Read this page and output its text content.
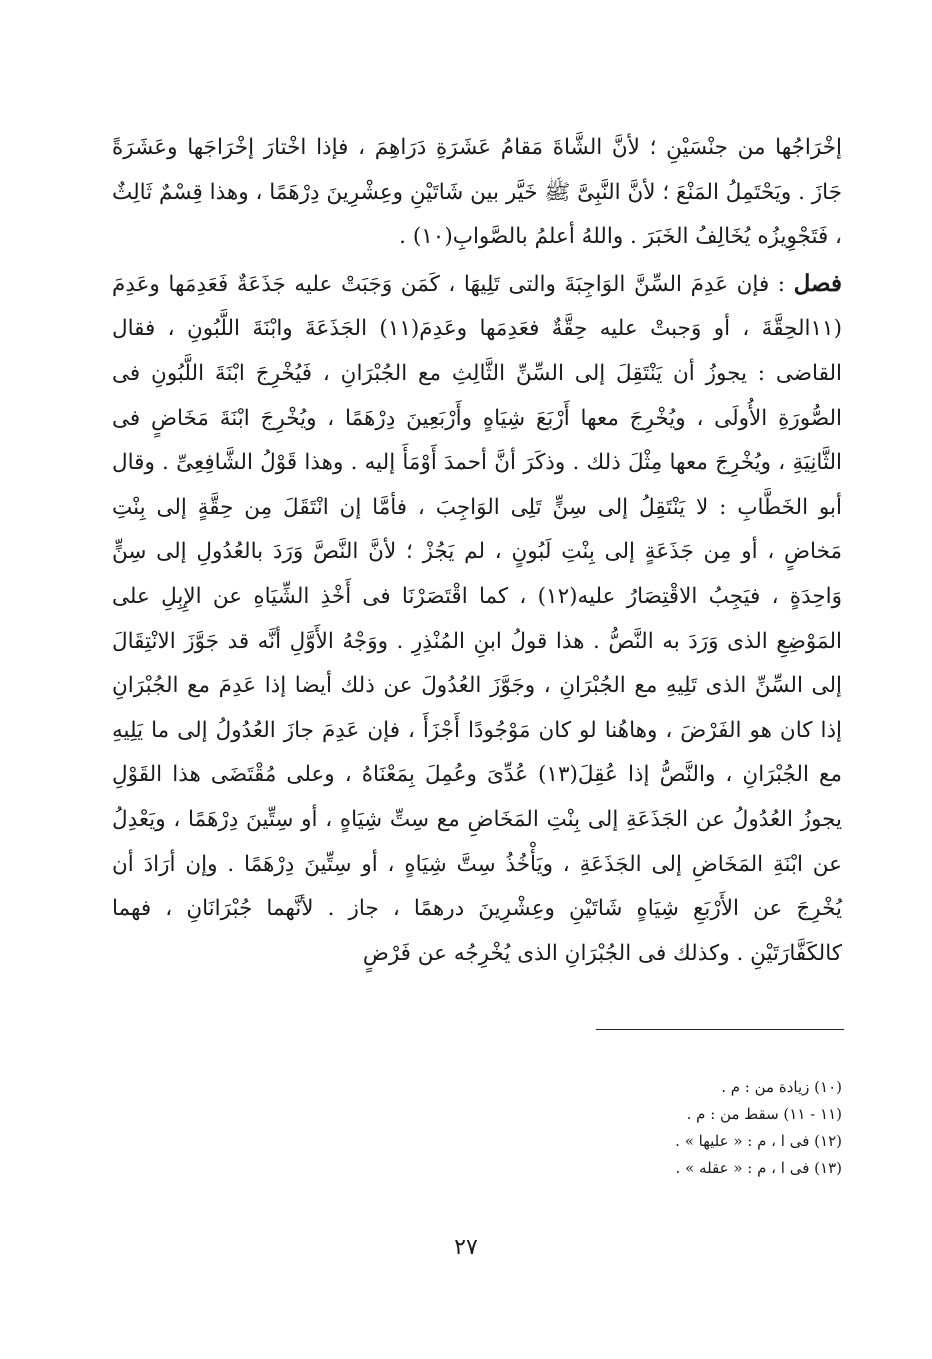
إخْرَاجُها من جنْسَيْنِ ؛ لأنَّ الشَّاةَ مَقامُ عَشَرَةِ دَرَاهِمَ ، فإذا اخْتارَ إخْرَاجَها وعَشَرَةً جَازَ . ويَحْتَمِلُ المَنْعَ ؛ لأنَّ النَّبِىَّ ﷺ خَيَّر بين شَاتَيْنِ وعِشْرِينَ دِرْهَمًا ، وهذا قِسْمٌ ثَالِثٌ ، فَتَجْوِيزُه يُخَالِفُ الخَبَرَ . واللهُ أعلمُ بالصَّوابِ(١٠) .

فصل : فإن عَدِمَ السِّنَّ الوَاجِبَةَ والتى تَلِيهَا ، كَمَن وَجَبَتْ عليه جَذَعَةٌ فَعَدِمَها وعَدِمَ (١١الحِقَّةَ ، أو وَجبتْ عليه حِقَّةٌ فعَدِمَها وعَدِمَ(١١) الجَذَعَةَ وابْنَةَ اللَّبُونِ ، فقال القاضى : يجوزُ أن يَنْتَقِلَ إلى السِّنِّ الثَّالِثِ مع الجُبْرَانِ ، فَيُخْرِجَ ابْنَةَ اللَّبُونِ فى الصُّورَةِ الأُولَى ، ويُخْرِجَ معها أَرْبَعَ شِيَاهٍ وأَرْبَعِينَ دِرْهَمًا ، ويُخْرِجَ ابْنَةَ مَخَاضٍ فى الثَّانِيَةِ ، ويُخْرِجَ معها مِثْلَ ذلك . وذكَرَ أنَّ أحمدَ أَوْمَأَ إليه . وهذا قَوْلُ الشَّافِعِىِّ . وقال أبو الخَطَّابِ : لا يَنْتَقِلُ إلى سِنٍّ تَلِى الوَاجِبَ ، فأمَّا إن انْتَقَلَ مِن حِقَّةٍ إلى بِنْتِ مَخاضٍ ، أو مِن جَذَعَةٍ إلى بِنْتِ لَبُونٍ ، لم يَجُزْ ؛ لأنَّ النَّصَّ وَرَدَ بالعُدُولِ إلى سِنٍّ وَاحِدَةٍ ، فيَجِبُ الاقْتِصَارُ عليه(١٢) ، كما اقْتَصَرْنَا فى أَخْذِ الشِّيَاهِ عن الإِبِلِ على المَوْضِعِ الذى وَرَدَ به النَّصُّ . هذا قولُ ابنِ المُنْذِرِ . ووَجْهُ الأَوَّلِ أنَّه قد جَوَّزَ الانْتِقَالَ إلى السِّنِّ الذى تَلِيهِ مع الجُبْرَانِ ، وجَوَّزَ العُدُولَ عن ذلك أيضا إذا عَدِمَ مع الجُبْرَانِ إذا كان هو الفَرْضَ ، وهاهُنا لو كان مَوْجُودًا أَجْزَأَ ، فإن عَدِمَ جازَ العُدُولُ إلى ما يَلِيهِ مع الجُبْرَانِ ، والنَّصُّ إذا عُقِلَ(١٣) عُدِّىَ وعُمِلَ بِمَعْنَاهُ ، وعلى مُقْتَضَى هذا القَوْلِ يجوزُ العُدُولُ عن الجَذَعَةِ إلى بِنْتِ المَخَاضِ مع سِتِّ شِيَاهٍ ، أو سِتِّينَ دِرْهَمًا ، ويَعْدِلُ عن ابْنَةِ المَخَاضِ إلى الجَذَعَةِ ، ويَأْخُذُ سِتَّ شِيَاهٍ ، أو سِتِّينَ دِرْهَمًا . وإن أرَادَ أن يُخْرِجَ عن الأَرْبَعِ شِيَاهٍ شَاتَيْنِ وعِشْرِينَ درهمًا ، جاز . لأنَّهما جُبْرَانَانِ ، فهما كالكَفَّارَتَيْنِ . وكذلك فى الجُبْرَانِ الذى يُخْرِجُه عن فَرْضٍ

(١٠) زيادة من : م .
(١١ - ١١) سقط من : م .
(١٢) فى ا ، م : « عليها » .
(١٣) فى ا ، م : « عقله » .
٢٧
